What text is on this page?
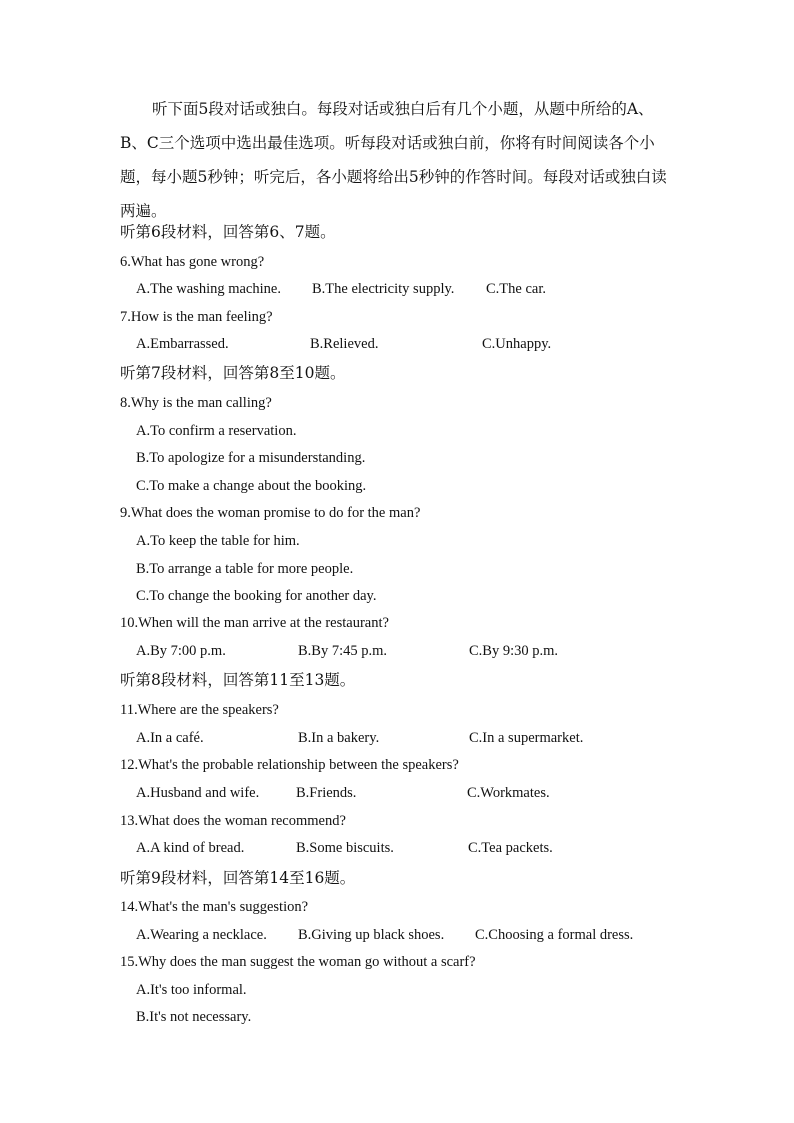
听下面5段对话或独白。每段对话或独白后有几个小题，从题中所给的A、B、C三个选项中选出最佳选项。听每段对话或独白前，你将有时间阅读各个小题，每小题5秒钟；听完后，各小题将给出5秒钟的作答时间。每段对话或独白读两遍。

听第6段材料，回答第6、7题。

6.What has gone wrong?

A.The washing machine. B.The electricity supply. C.The car.

7.How is the man feeling?

A.Embarrassed.	B.Relieved.	C.Unhappy.

听第7段材料，回答第8至10题。

8.Why is the man calling?

A.To confirm a reservation.

B.To apologize for a misunderstanding.

C.To make a change about the booking.

9.What does the woman promise to do for the man?

A.To keep the table for him.

B.To arrange a table for more people.

C.To change the booking for another day.

10.When will the man arrive at the restaurant?

A.By 7:00 p.m.	B.By 7:45 p.m.	C.By 9:30 p.m.

听第8段材料，回答第11至13题。

11.Where are the speakers?

A.In a café.	B.In a bakery.	C.In a supermarket.

12.What's the probable relationship between the speakers?

A.Husband and wife.	B.Friends.	C.Workmates.

13.What does the woman recommend?

A.A kind of bread.	B.Some biscuits.	C.Tea packets.

听第9段材料，回答第14至16题。

14.What's the man's suggestion?

A.Wearing a necklace. B.Giving up black shoes. C.Choosing a formal dress.

15.Why does the man suggest the woman go without a scarf?

A.It's too informal.

B.It's not necessary.
